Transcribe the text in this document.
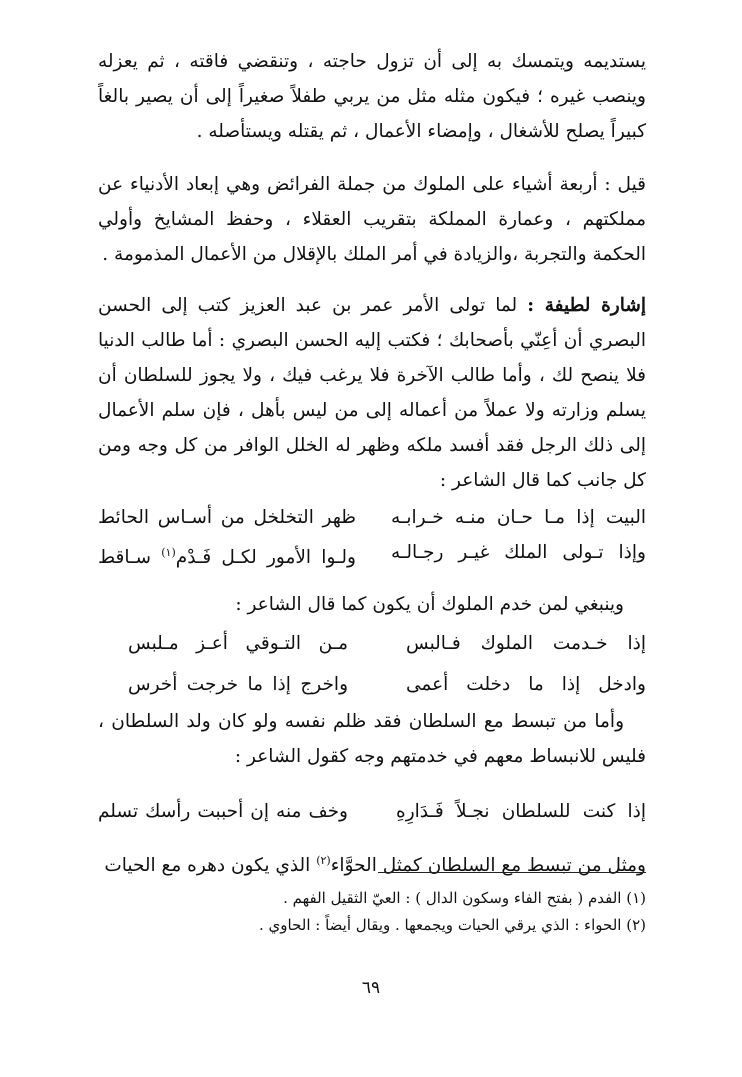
يستديمه ويتمسك به إلى أن تزول حاجته ، وتنقضي فاقته ، ثم يعزله وينصب غيره ؛ فيكون مثله مثل من يربي طفلاً صغيراً إلى أن يصير بالغاً كبيراً يصلح للأشغال ، وإمضاء الأعمال ، ثم يقتله ويستأصله .

قيل : أربعة أشياء على الملوك من جملة الفرائض وهي إبعاد الأدنياء عن مملكتهم ، وعمارة المملكة بتقريب العقلاء ، وحفظ المشايخ وأولي الحكمة والتجربة ،والزيادة في أمر الملك بالإقلال من الأعمال المذمومة .

إشارة لطيفة : لما تولى الأمر عمر بن عبد العزيز كتب إلى الحسن البصري أن أعِنّي بأصحابك ؛ فكتب إليه الحسن البصري : أما طالب الدنيا فلا ينصح لك ، وأما طالب الآخرة فلا يرغب فيك ، ولا يجوز للسلطان أن يسلم وزارته ولا عملاً من أعماله إلى من ليس بأهل ، فإن سلم الأعمال إلى ذلك الرجل فقد أفسد ملكه وظهر له الخلل الوافر من كل وجه ومن كل جانب كما قال الشاعر :

البيت إذا مـا حـان منـه خـرابـه
ظهر التخلخل من أسـاس الحائط
وإذا تـولى الملك غيـر رجـالـه
ولـوا الأمور لكـل فَـدْم$^{(١)}$ سـاقط

وينبغي لمن خدم الملوك أن يكون كما قال الشاعر :

إذا خـدمت الملوك فـالبس
مـن التـوقي أعـز مـلبس
وادخل إذا ما دخلت أعمى
واخرج إذا ما خرجت أخرس

وأما من تبسط مع السلطان فقد ظلم نفسه ولو كان ولد السلطان ، فليس للانبساط معهم في خدمتهم وجه كقول الشاعر :

إذا كنت للسلطان نجـلاً فَـدَارِهِ
وخف منه إن أحببت رأسك تسلم

ومثل من تبسط مع السلطان كمثل الحوَّاء$^{(٢)}$ الذي يكون دهره مع الحيات

(١) الفدم ( بفتح الفاء وسكون الدال ) : العيّ الثقيل الفهم .
(٢) الحواء : الذي يرقي الحيات ويجمعها . ويقال أيضاً : الحاوي .
٦٩
